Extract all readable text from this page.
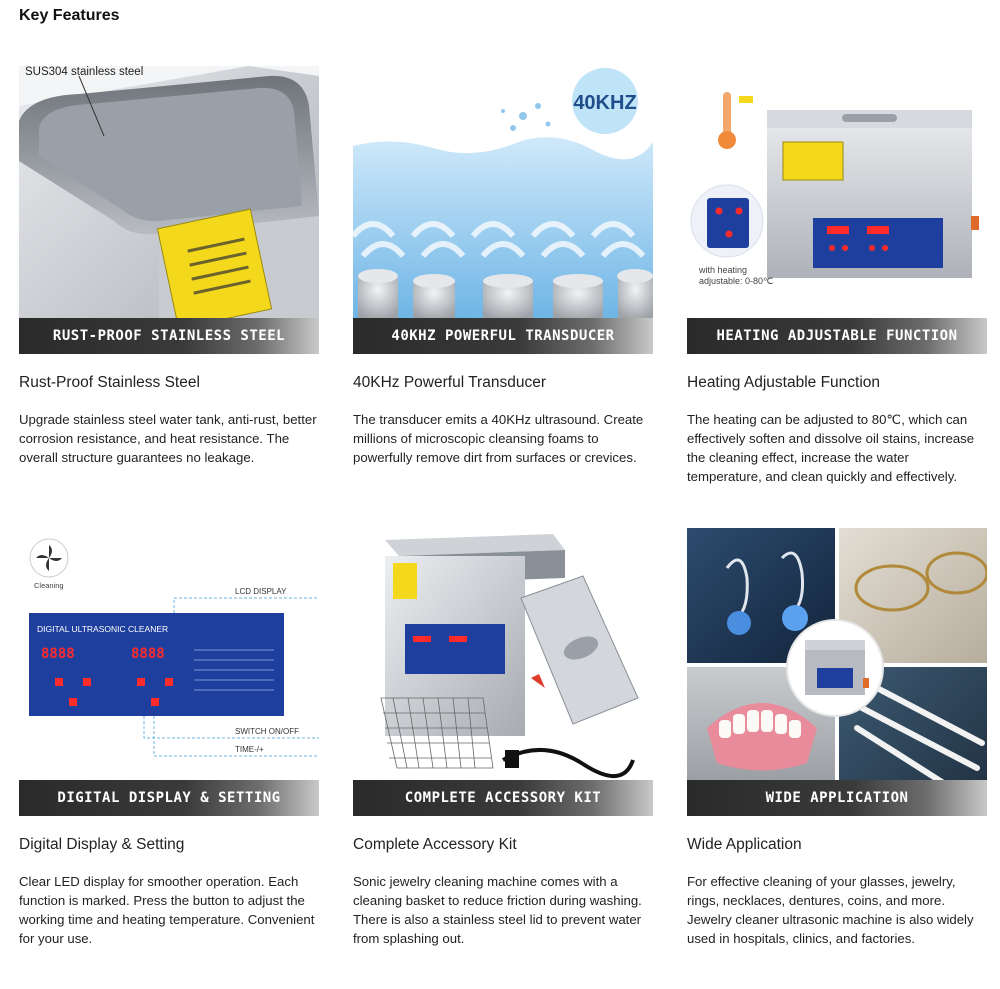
Key Features
SUS304 stainless steel
RUST-PROOF STAINLESS STEEL
Rust-Proof Stainless Steel
Upgrade stainless steel water tank, anti-rust, better corrosion resistance, and heat resistance. The overall structure guarantees no leakage.
40KHZ
40KHZ POWERFUL TRANSDUCER
40KHz Powerful Transducer
The transducer emits a 40KHz ultrasound. Create millions of microscopic cleansing foams to powerfully remove dirt from surfaces or crevices.
with heating
adjustable: 0-80℃
HEATING ADJUSTABLE FUNCTION
Heating Adjustable Function
The heating can be adjusted to 80℃, which can effectively soften and dissolve oil stains, increase the cleaning effect, increase the water temperature, and clean quickly and effectively.
Cleaning
DIGITAL ULTRASONIC CLEANER
8888	8888
LCD DISPLAY
SWITCH ON/OFF
TIME-/+
DIGITAL DISPLAY & SETTING
Digital Display & Setting
Clear LED display for smoother operation. Each function is marked. Press the button to adjust the working time and heating temperature. Convenient for your use.
COMPLETE ACCESSORY KIT
Complete Accessory Kit
Sonic jewelry cleaning machine comes with a cleaning basket to reduce friction during washing. There is also a stainless steel lid to prevent water from splashing out.
WIDE APPLICATION
Wide Application
For effective cleaning of your glasses, jewelry, rings, necklaces, dentures, coins, and more. Jewelry cleaner ultrasonic machine is also widely used in hospitals, clinics, and factories.
